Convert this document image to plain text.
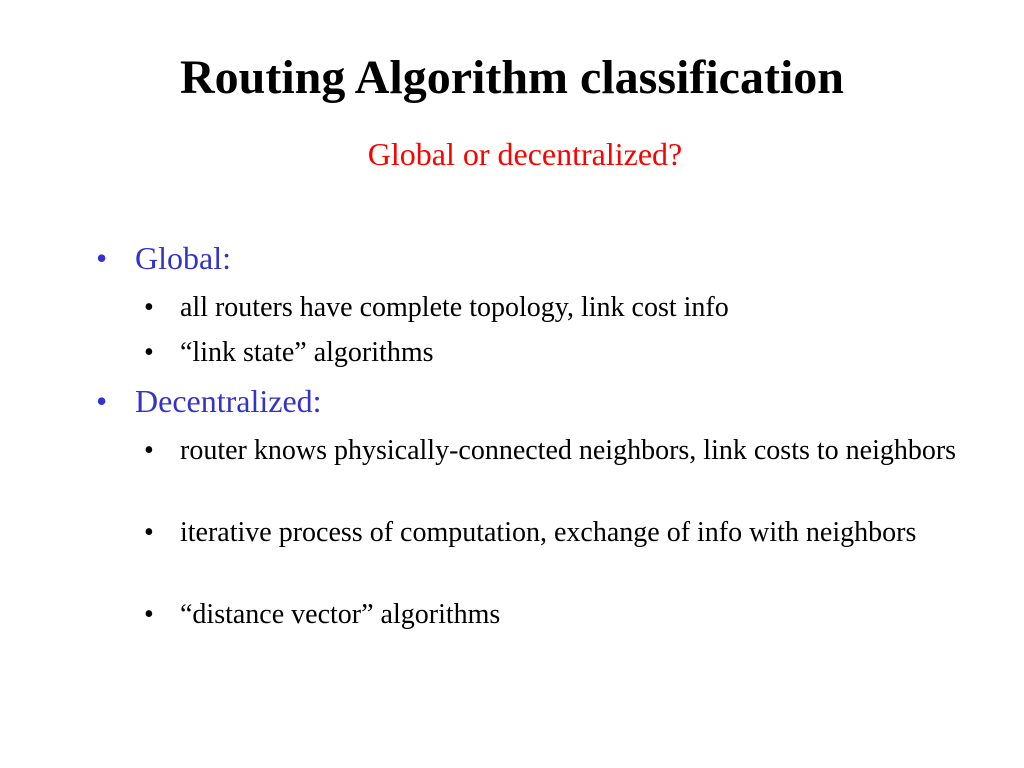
Routing Algorithm classification
Global or decentralized?
• Global:
• all routers have complete topology, link cost info
• “link state” algorithms
• Decentralized:
• router knows physically-connected neighbors, link costs to neighbors
• iterative process of computation, exchange of info with neighbors
• “distance vector” algorithms
